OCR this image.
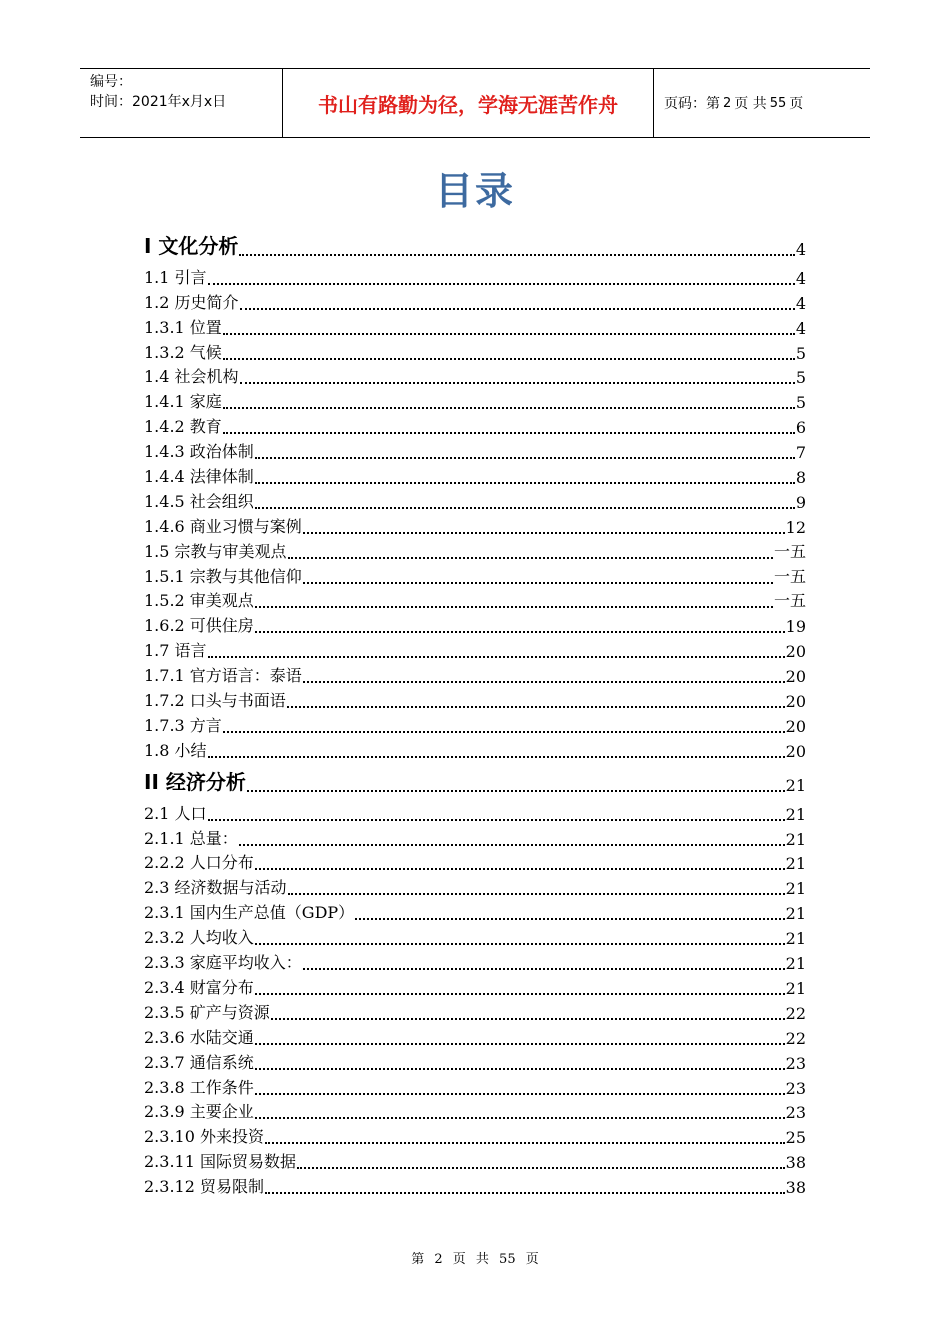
编号：
时间：2021年x月x日	书山有路勤为径，学海无涯苦作舟	页码：第 2 页 共 55 页
目录
I 文化分析	4
1.1 引言	4
1.2 历史简介	4
1.3.1 位置	4
1.3.2 气候	5
1.4 社会机构	5
1.4.1 家庭	5
1.4.2 教育	6
1.4.3 政治体制	7
1.4.4 法律体制	8
1.4.5 社会组织	9
1.4.6 商业习惯与案例	12
1.5 宗教与审美观点	一五
1.5.1 宗教与其他信仰	一五
1.5.2 审美观点	一五
1.6.2 可供住房	19
1.7 语言	20
1.7.1 官方语言：泰语	20
1.7.2 口头与书面语	20
1.7.3 方言	20
1.8 小结	20
II 经济分析	21
2.1 人口	21
2.1.1 总量：	21
2.2.2 人口分布	21
2.3 经济数据与活动	21
2.3.1 国内生产总值（GDP）	21
2.3.2 人均收入	21
2.3.3 家庭平均收入：	21
2.3.4 财富分布	21
2.3.5 矿产与资源	22
2.3.6 水陆交通	22
2.3.7 通信系统	23
2.3.8 工作条件	23
2.3.9 主要企业	23
2.3.10 外来投资	25
2.3.11 国际贸易数据	38
2.3.12 贸易限制	38
第 2 页 共 55 页
